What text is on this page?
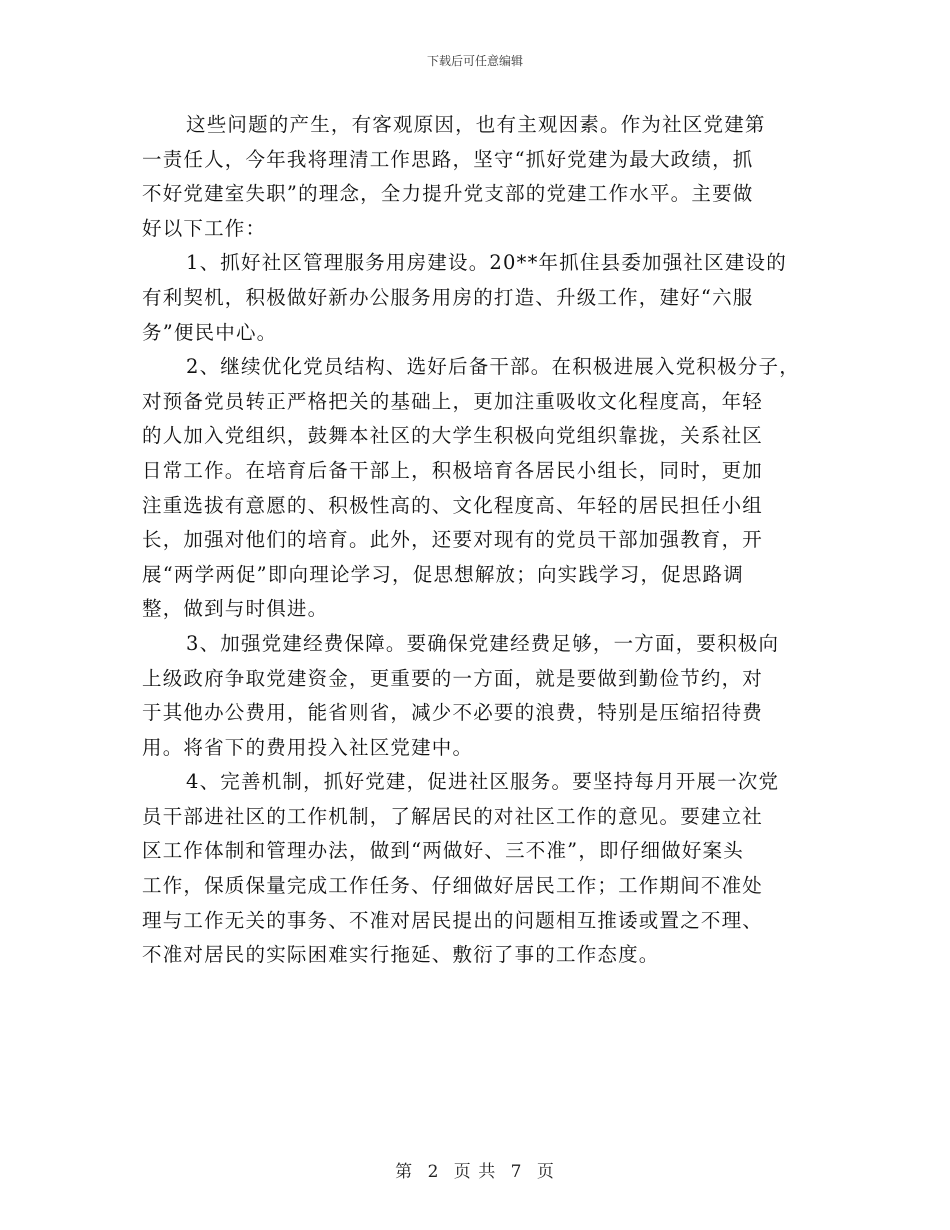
下载后可任意编辑
这些问题的产生，有客观原因，也有主观因素。作为社区党建第
一责任人，今年我将理清工作思路，坚守“抓好党建为最大政绩，抓
不好党建室失职”的理念，全力提升党支部的党建工作水平。主要做
好以下工作：
1、抓好社区管理服务用房建设。20**年抓住县委加强社区建设的
有利契机，积极做好新办公服务用房的打造、升级工作，建好“六服
务”便民中心。
2、继续优化党员结构、选好后备干部。在积极进展入党积极分子，
对预备党员转正严格把关的基础上，更加注重吸收文化程度高，年轻
的人加入党组织，鼓舞本社区的大学生积极向党组织靠拢，关系社区
日常工作。在培育后备干部上，积极培育各居民小组长，同时，更加
注重选拔有意愿的、积极性高的、文化程度高、年轻的居民担任小组
长，加强对他们的培育。此外，还要对现有的党员干部加强教育，开
展“两学两促”即向理论学习，促思想解放；向实践学习，促思路调
整，做到与时俱进。
3、加强党建经费保障。要确保党建经费足够，一方面，要积极向
上级政府争取党建资金，更重要的一方面，就是要做到勤俭节约，对
于其他办公费用，能省则省，减少不必要的浪费，特别是压缩招待费
用。将省下的费用投入社区党建中。
4、完善机制，抓好党建，促进社区服务。要坚持每月开展一次党
员干部进社区的工作机制，了解居民的对社区工作的意见。要建立社
区工作体制和管理办法，做到“两做好、三不准”，即仔细做好案头
工作，保质保量完成工作任务、仔细做好居民工作；工作期间不准处
理与工作无关的事务、不准对居民提出的问题相互推诿或置之不理、
不准对居民的实际困难实行拖延、敷衍了事的工作态度。
第 2 页 共 7 页
